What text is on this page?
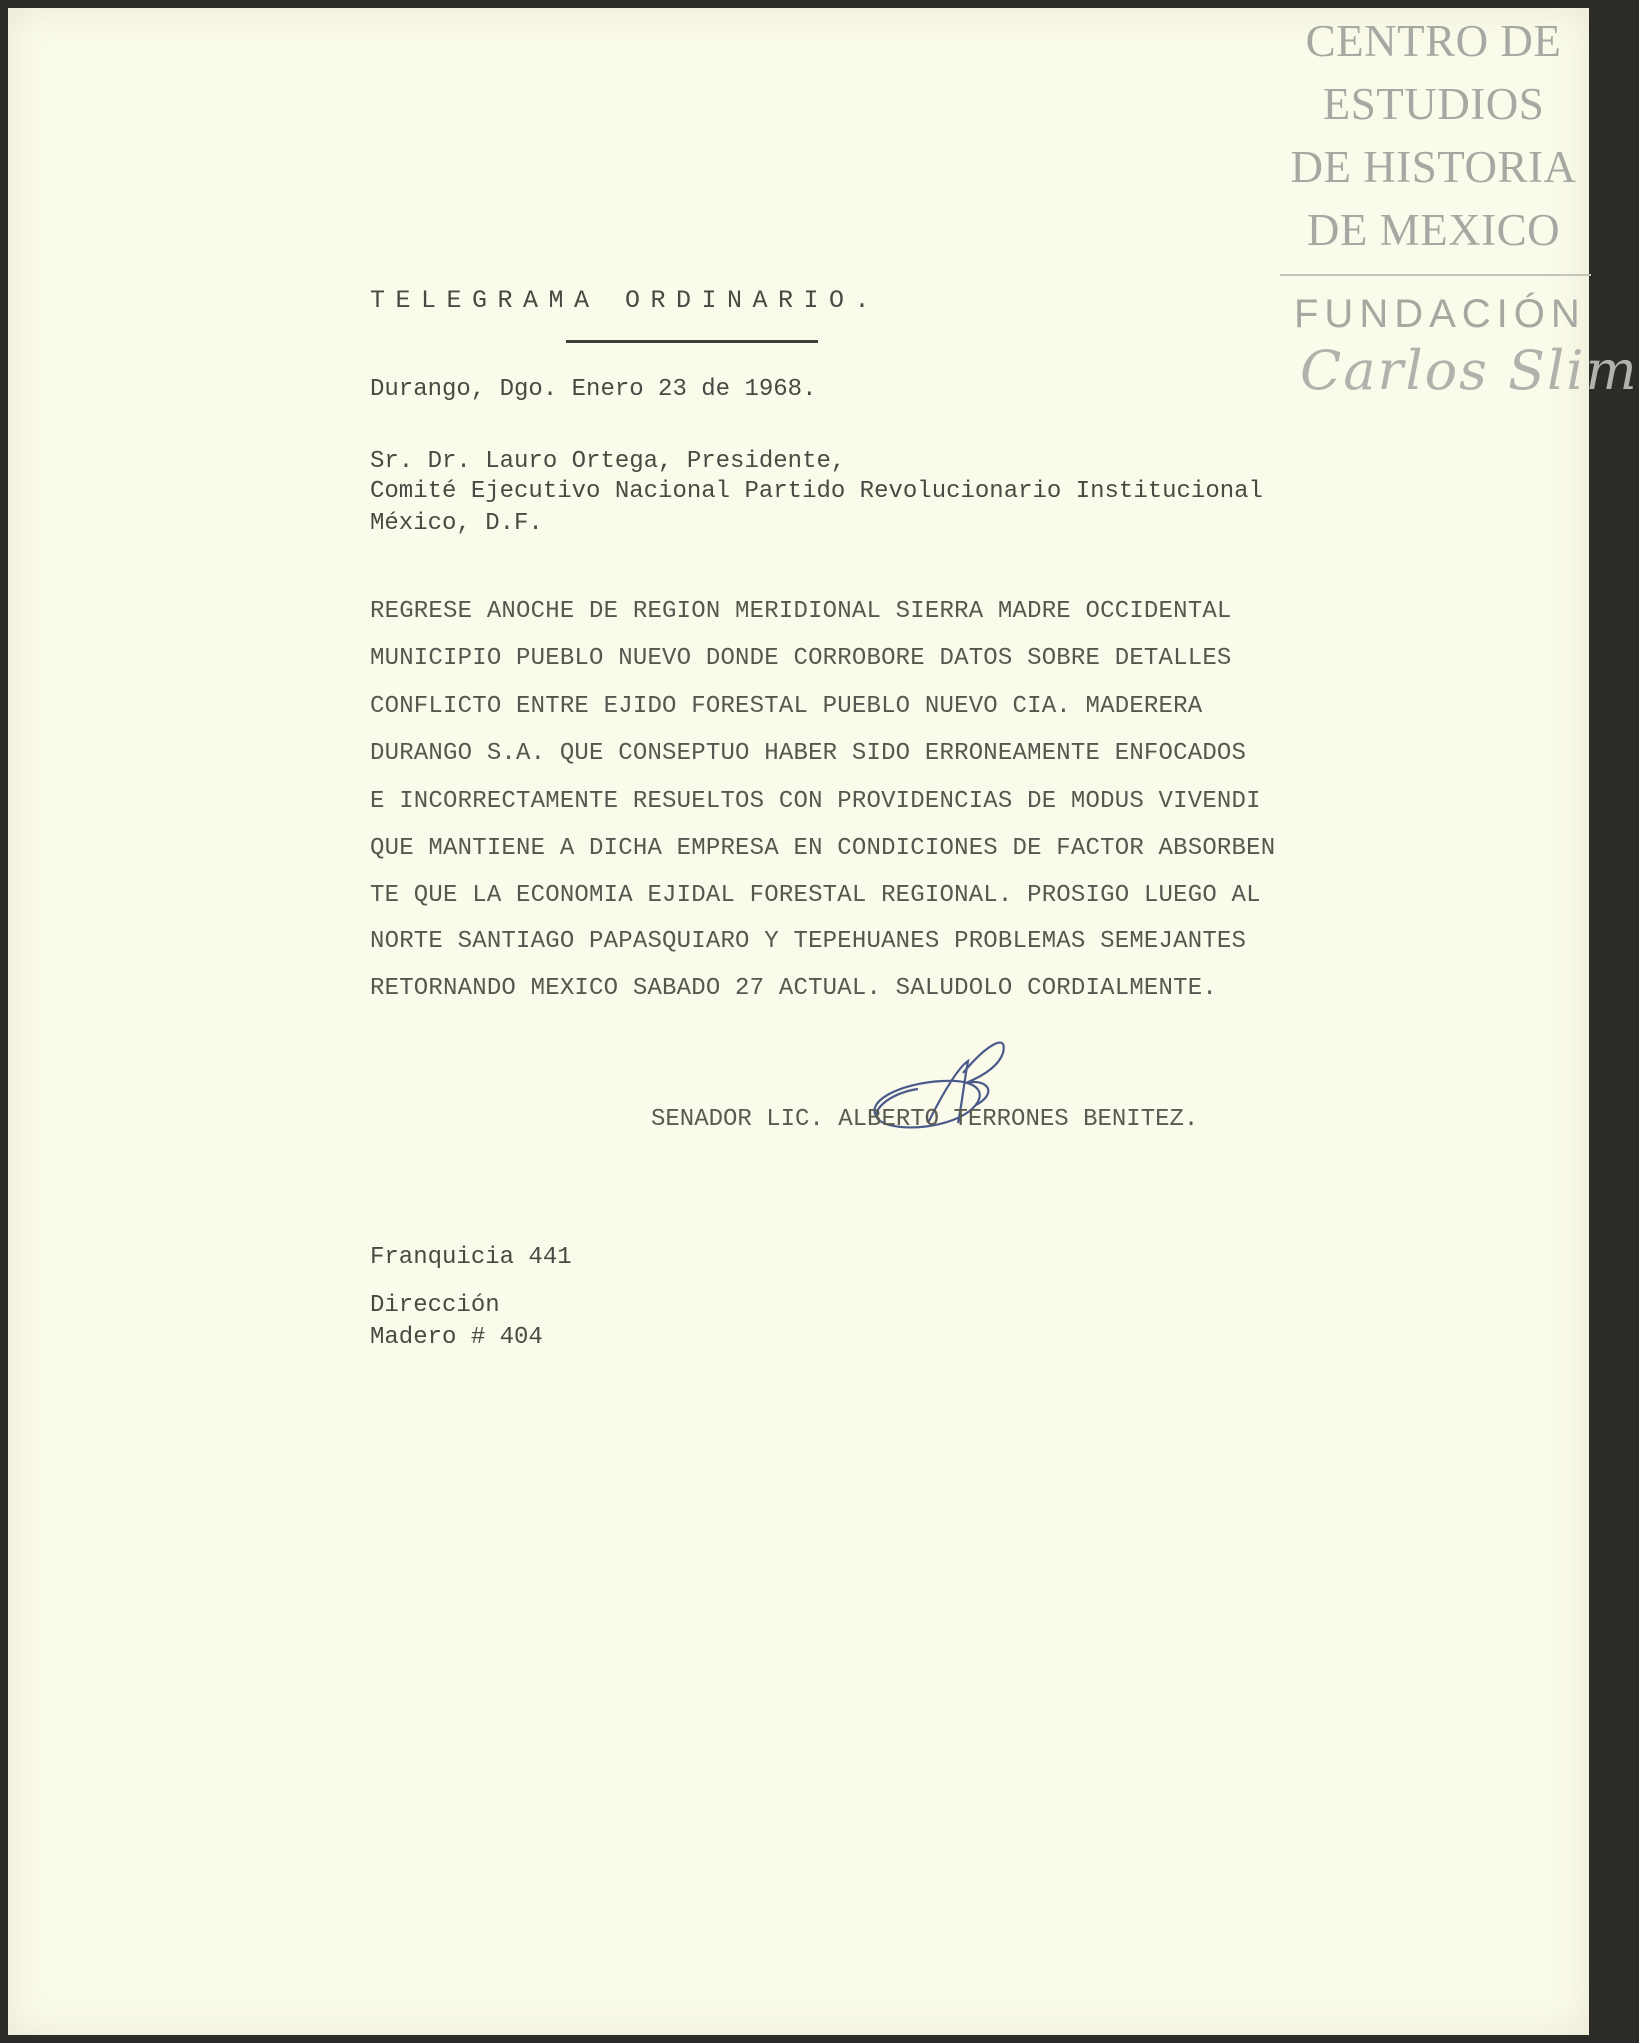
CENTRO DE
ESTUDIOS
DE HISTORIA
DE MEXICO
FUNDACIÓN
Carlos Slim
TELEGRAMA ORDINARIO.
Durango, Dgo. Enero 23 de 1968.
Sr. Dr. Lauro Ortega, Presidente,
Comité Ejecutivo Nacional Partido Revolucionario Institucional
México, D.F.
REGRESE ANOCHE DE REGION MERIDIONAL SIERRA MADRE OCCIDENTAL
MUNICIPIO PUEBLO NUEVO DONDE CORROBORE DATOS SOBRE DETALLES
CONFLICTO ENTRE EJIDO FORESTAL PUEBLO NUEVO CIA. MADERERA
DURANGO S.A. QUE CONSEPTUO HABER SIDO ERRONEAMENTE ENFOCADOS
E INCORRECTAMENTE RESUELTOS CON PROVIDENCIAS DE MODUS VIVENDI
QUE MANTIENE A DICHA EMPRESA EN CONDICIONES DE FACTOR ABSORBEN
TE QUE LA ECONOMIA EJIDAL FORESTAL REGIONAL. PROSIGO LUEGO AL
NORTE SANTIAGO PAPASQUIARO Y TEPEHUANES PROBLEMAS SEMEJANTES
RETORNANDO MEXICO SABADO 27 ACTUAL. SALUDOLO CORDIALMENTE.
SENADOR LIC. ALBERTO TERRONES BENITEZ.
Franquicia 441
Dirección
Madero # 404
